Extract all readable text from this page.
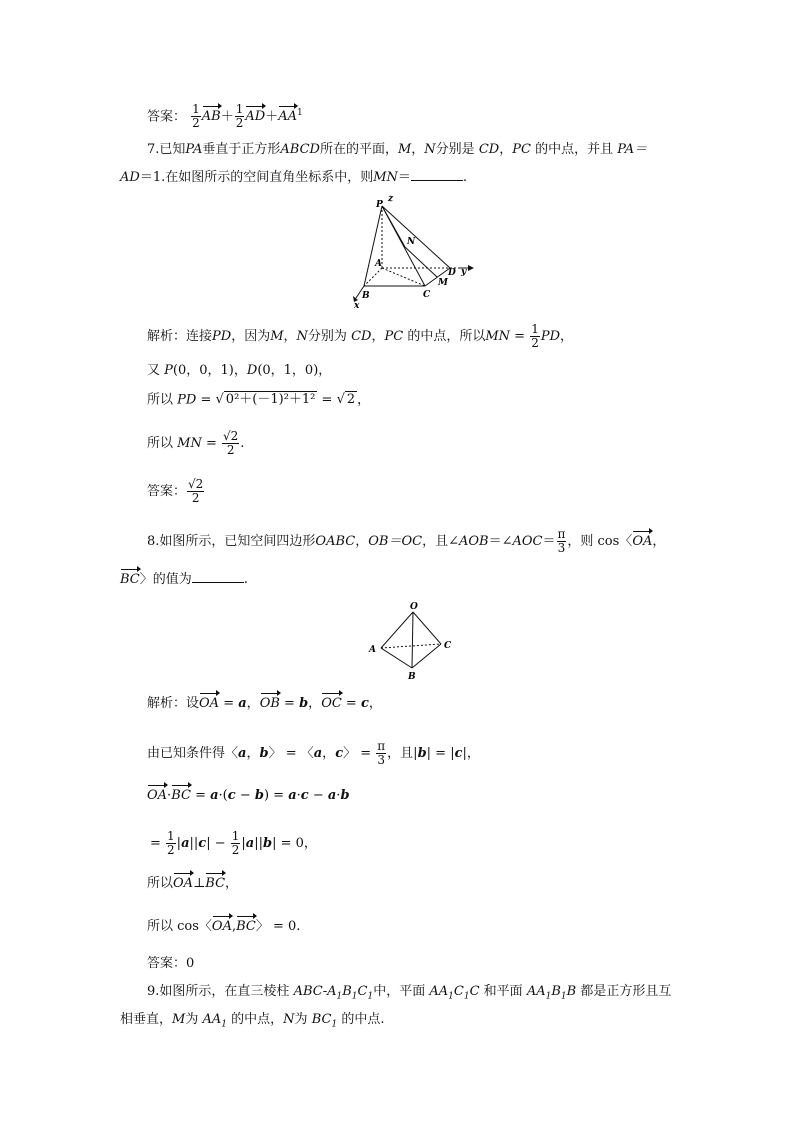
答案： $\frac{1}{2} AB+ \frac{1}{2} AD+AA^1$
7.已知PA垂直于正方形ABCD所在的平面，M，N分别是 CD，PC 的中点，并且 PA＝
AD＝1.在如图所示的空间直角坐标系中，则MN＝	.
P
z
N
A
D y
M
B	C
x
解析：连接PD，因为M，N分别为 CD，PC 的中点，所以MN = $\frac{1}{2}$ PD，
又 P(0，0，1)，D(0，1，0)，
所以 PD = √ 0²＋(－1)²＋1² = √ 2 ，
所以 MN = $\frac{√2}{2}$ .
答案： $\frac{√2}{2}$
8.如图所示，已知空间四边形OABC，OB＝OC，且∠AOB＝∠AOC＝ $\frac{\pi}{3}$ ，则 cos〈OA，
BC〉的值为	.
O
A	C
B
解析：设OA = a，OB = b，OC = c，
由已知条件得〈a，b〉 = 〈a，c〉 = $\frac{\pi}{3}$ ，且|b| = |c|，
OA·BC = a·(c − b) = a·c − a·b
= $\frac{1}{2} |a||c| - \frac{1}{2} |a||b| = 0$，
所以OA⊥BC，
所以 cos〈OA,BC〉 = 0.
答案：0
9.如图所示，在直三棱柱 ABC-$A_1B_1C_1$中，平面 $AA_1C_1C$ 和平面 $AA_1B_1B$ 都是正方形且互
相垂直，M为 $AA_1$ 的中点，N为 $BC_1$ 的中点.
